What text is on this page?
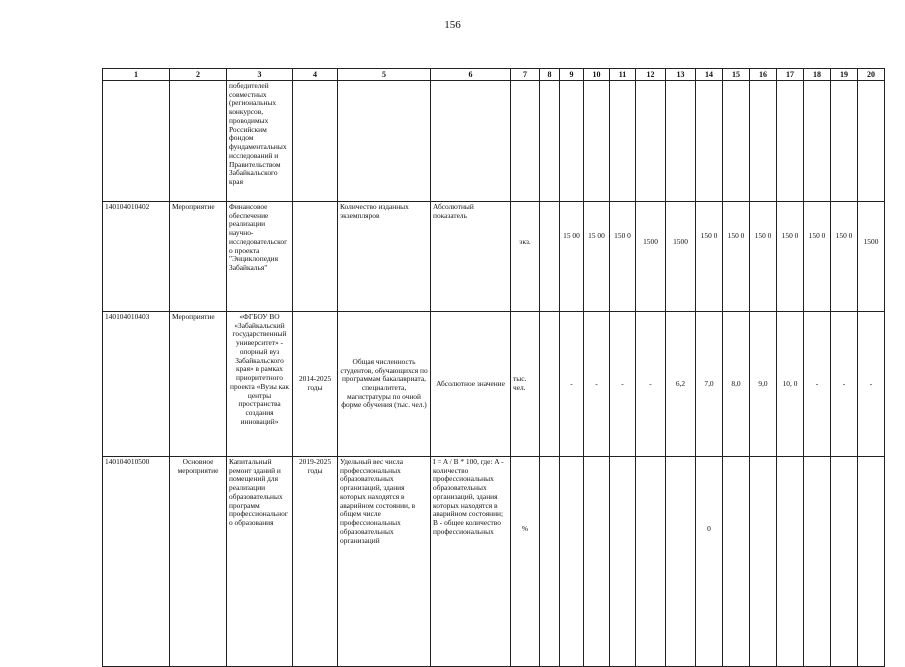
156
1	2	3	4	5	6	7	8	9	10	11	12	13	14	15	16	17	18	19	20
		победителей совместных (региональных конкурсов, проводимых Российским фондом фундаментальных исследований и Правительством Забайкальского края																	
140104010402	Мероприятие	Финансовое обеспечение реализации научно-исследовательского проекта "Энциклопедия Забайкалья"		Количество изданных экземпляров	Абсолютный показатель	экз.		15 00	15 00	150 0	1500	1500	150 0	150 0	150 0	150 0	150 0	150 0	1500
140104010403	Мероприятие	«ФГБОУ ВО «Забайкальский государственный университет» - опорный вуз Забайкальского края» в рамках приоритетного проекта «Вузы как центры пространства создания инноваций»	2014-2025 годы	Общая численность студентов, обучающихся по программам бакалавриата, специалитета, магистратуры по очной форме обучения (тыс. чел.)	Абсолютное значение	тыс. чел.		-	-	-	-	6,2	7,0	8,0	9,0	10, 0	-	-	-
140104010500	Основное мероприятие	Капитальный ремонт зданий и помещений для реализации образовательных программ профессионального образования	2019-2025 годы	Удельный вес числа профессиональных образовательных организаций, здания которых находятся в аварийном состоянии, в общем числе профессиональных образовательных организаций	I = A / B * 100, где: A - количество профессиональных образовательных организаций, здания которых находятся в аварийном состоянии; B - общее количество профессиональных	%							0						
